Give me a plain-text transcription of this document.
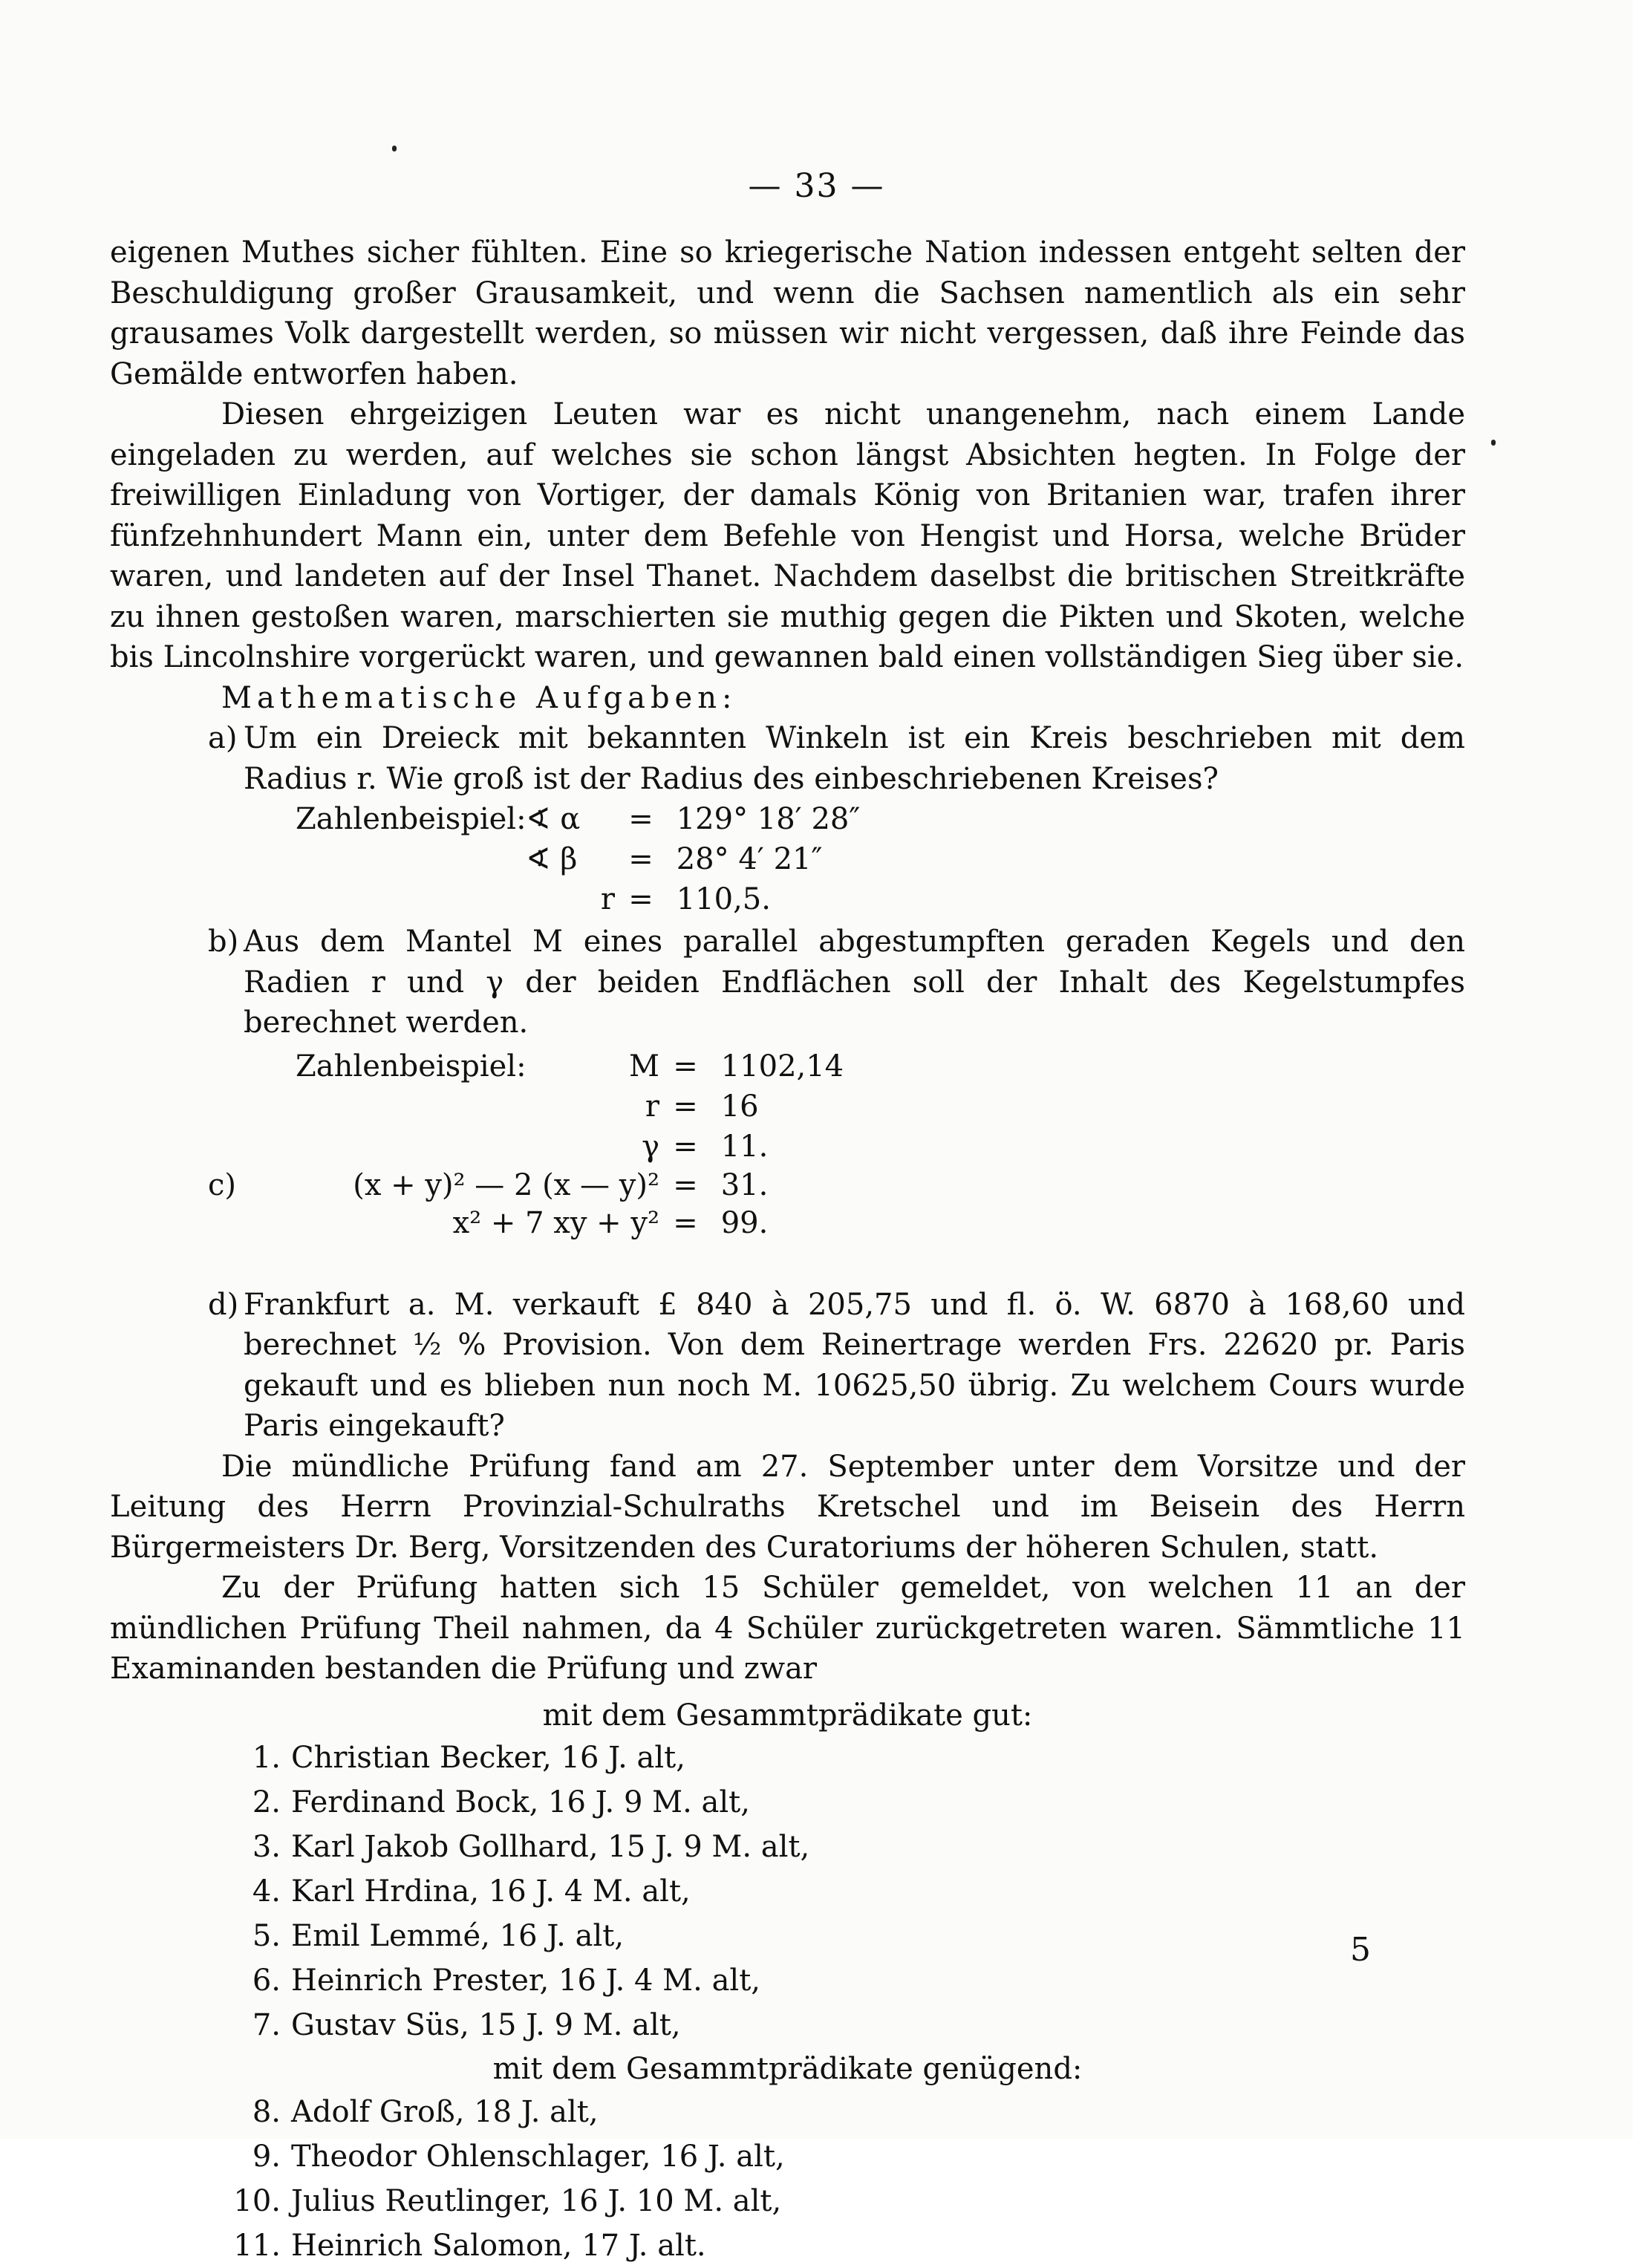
— 33 —

eigenen Muthes sicher fühlten. Eine so kriegerische Nation indessen entgeht selten der Beschuldigung großer Grausamkeit, und wenn die Sachsen namentlich als ein sehr grausames Volk dargestellt werden, so müssen wir nicht vergessen, daß ihre Feinde das Gemälde entworfen haben.

Diesen ehrgeizigen Leuten war es nicht unangenehm, nach einem Lande eingeladen zu werden, auf welches sie schon längst Absichten hegten. In Folge der freiwilligen Einladung von Vortiger, der damals König von Britanien war, trafen ihrer fünfzehnhundert Mann ein, unter dem Befehle von Hengist und Horsa, welche Brüder waren, und landeten auf der Insel Thanet. Nachdem daselbst die britischen Streitkräfte zu ihnen gestoßen waren, marschierten sie muthig gegen die Pikten und Skoten, welche bis Lincolnshire vorgerückt waren, und gewannen bald einen vollständigen Sieg über sie.

Mathematische Aufgaben:

a) Um ein Dreieck mit bekannten Winkeln ist ein Kreis beschrieben mit dem Radius r. Wie groß ist der Radius des einbeschriebenen Kreises?

Zahlenbeispiel: ∢ α = 129° 18′ 28″
∢ β = 28° 4′ 21″
r = 110,5.

b) Aus dem Mantel M eines parallel abgestumpften geraden Kegels und den Radien r und γ der beiden Endflächen soll der Inhalt des Kegelstumpfes berechnet werden.

Zahlenbeispiel:	M = 1102,14
r = 16
γ = 11.
c)	(x + y)² — 2 (x — y)² = 31.
x² + 7 xy + y² = 99.

d) Frankfurt a. M. verkauft £ 840 à 205,75 und fl. ö. W. 6870 à 168,60 und berechnet ½ % Provision. Von dem Reinertrage werden Frs. 22620 pr. Paris gekauft und es blieben nun noch M. 10625,50 übrig. Zu welchem Cours wurde Paris eingekauft?

Die mündliche Prüfung fand am 27. September unter dem Vorsitze und der Leitung des Herrn Provinzial-Schulraths Kretschel und im Beisein des Herrn Bürgermeisters Dr. Berg, Vorsitzenden des Curatoriums der höheren Schulen, statt.

Zu der Prüfung hatten sich 15 Schüler gemeldet, von welchen 11 an der mündlichen Prüfung Theil nahmen, da 4 Schüler zurückgetreten waren. Sämmtliche 11 Examinanden bestanden die Prüfung und zwar

mit dem Gesammtprädikate gut:

1. Christian Becker, 16 J. alt,
2. Ferdinand Bock, 16 J. 9 M. alt,
3. Karl Jakob Gollhard, 15 J. 9 M. alt,
4. Karl Hrdina, 16 J. 4 M. alt,
5. Emil Lemmé, 16 J. alt,
6. Heinrich Prester, 16 J. 4 M. alt,
7. Gustav Süs, 15 J. 9 M. alt,

mit dem Gesammtprädikate genügend:

8. Adolf Groß, 18 J. alt,
9. Theodor Ohlenschlager, 16 J. alt,
10. Julius Reutlinger, 16 J. 10 M. alt,
11. Heinrich Salomon, 17 J. alt.
5
